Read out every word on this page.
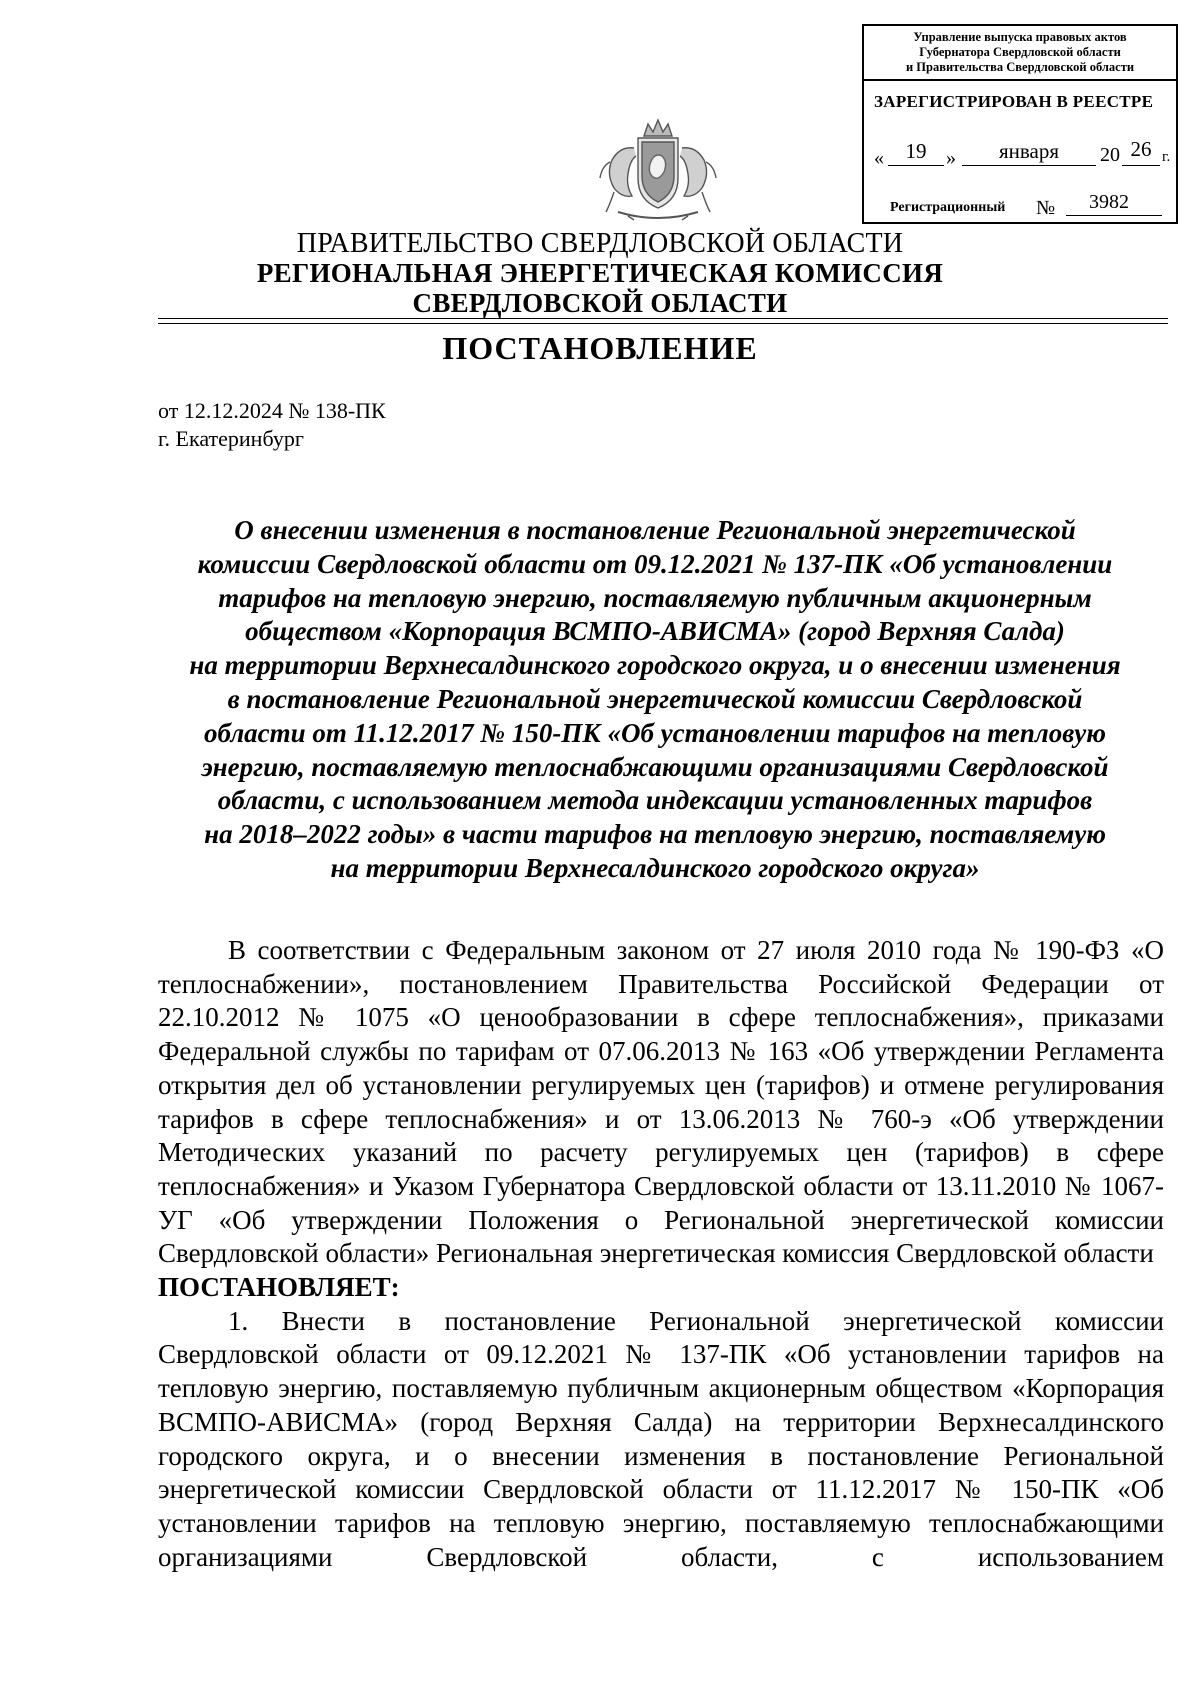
Управление выпуска правовых актов
Губернатора Свердловской области
и Правительства Свердловской области
ЗАРЕГИСТРИРОВАН В РЕЕСТРЕ
«	19 »	января	20 26 г.
Регистрационный №	3982
ПРАВИТЕЛЬСТВО СВЕРДЛОВСКОЙ ОБЛАСТИ
РЕГИОНАЛЬНАЯ ЭНЕРГЕТИЧЕСКАЯ КОМИССИЯ
СВЕРДЛОВСКОЙ ОБЛАСТИ
ПОСТАНОВЛЕНИЕ
от 12.12.2024 № 138-ПК
г. Екатеринбург
О внесении изменения в постановление Региональной энергетической
комиссии Свердловской области от 09.12.2021 № 137-ПК «Об установлении
тарифов на тепловую энергию, поставляемую публичным акционерным
обществом «Корпорация ВСМПО-АВИСМА» (город Верхняя Салда)
на территории Верхнесалдинского городского округа, и о внесении изменения
в постановление Региональной энергетической комиссии Свердловской
области от 11.12.2017 № 150-ПК «Об установлении тарифов на тепловую
энергию, поставляемую теплоснабжающими организациями Свердловской
области, с использованием метода индексации установленных тарифов
на 2018–2022 годы» в части тарифов на тепловую энергию, поставляемую
на территории Верхнесалдинского городского округа»

В соответствии с Федеральным законом от 27 июля 2010 года № 190-ФЗ «О теплоснабжении», постановлением Правительства Российской Федерации от 22.10.2012 № 1075 «О ценообразовании в сфере теплоснабжения», приказами Федеральной службы по тарифам от 07.06.2013 № 163 «Об утверждении Регламента открытия дел об установлении регулируемых цен (тарифов) и отмене регулирования тарифов в сфере теплоснабжения» и от 13.06.2013 № 760-э «Об утверждении Методических указаний по расчету регулируемых цен (тарифов) в сфере теплоснабжения» и Указом Губернатора Свердловской области от 13.11.2010 № 1067-УГ «Об утверждении Положения о Региональной энергетической комиссии Свердловской области» Региональная энергетическая комиссия Свердловской области

ПОСТАНОВЛЯЕТ:

1. Внести в постановление Региональной энергетической комиссии Свердловской области от 09.12.2021 № 137-ПК «Об установлении тарифов на тепловую энергию, поставляемую публичным акционерным обществом «Корпорация ВСМПО-АВИСМА» (город Верхняя Салда) на территории Верхнесалдинского городского округа, и о внесении изменения в постановление Региональной энергетической комиссии Свердловской области от 11.12.2017 № 150-ПК «Об установлении тарифов на тепловую энергию, поставляемую теплоснабжающими организациями Свердловской области, с использованием
